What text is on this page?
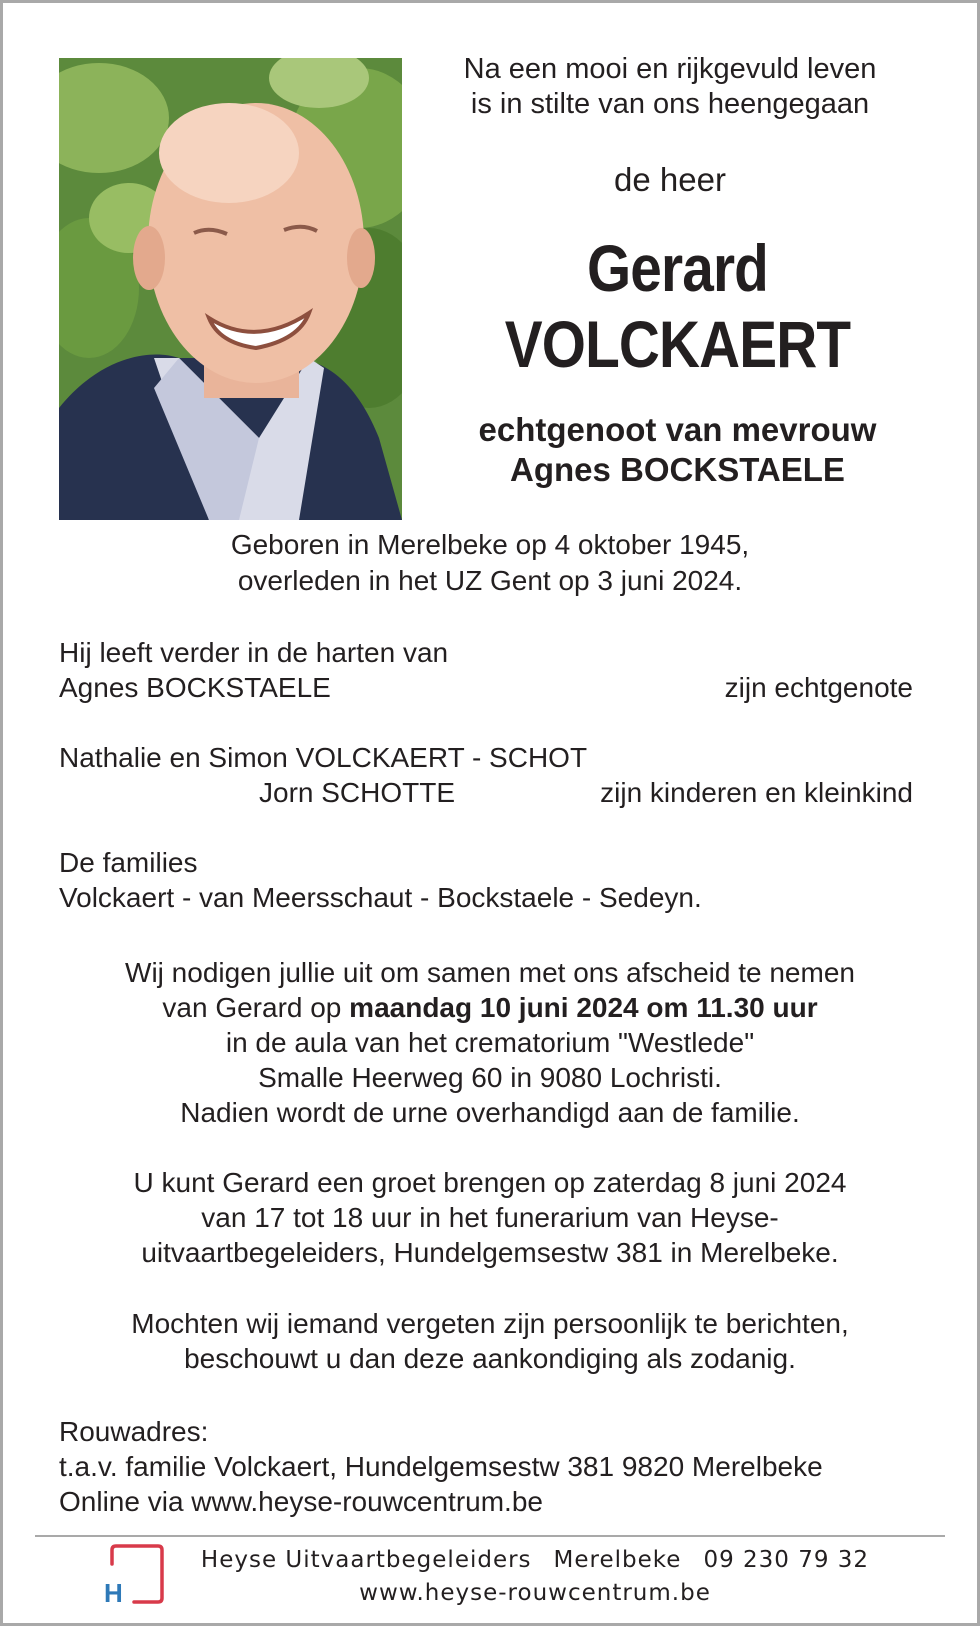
Na een mooi en rijkgevuld leven
is in stilte van ons heengegaan
de heer
Gerard
VOLCKAERT
echtgenoot van mevrouw
Agnes BOCKSTAELE
Geboren in Merelbeke op 4 oktober 1945,
overleden in het UZ Gent op 3 juni 2024.
Hij leeft verder in de harten van
Agnes BOCKSTAELE	zijn echtgenote
Nathalie en Simon VOLCKAERT - SCHOT
Jorn SCHOTTE	zijn kinderen en kleinkind
De families
Volckaert - van Meersschaut - Bockstaele - Sedeyn.
Wij nodigen jullie uit om samen met ons afscheid te nemen
van Gerard op maandag 10 juni 2024 om 11.30 uur
in de aula van het crematorium "Westlede"
Smalle Heerweg 60 in 9080 Lochristi.
Nadien wordt de urne overhandigd aan de familie.
U kunt Gerard een groet brengen op zaterdag 8 juni 2024
van 17 tot 18 uur in het funerarium van Heyse-
uitvaartbegeleiders, Hundelgemsestw 381 in Merelbeke.
Mochten wij iemand vergeten zijn persoonlijk te berichten,
beschouwt u dan deze aankondiging als zodanig.
Rouwadres:
t.a.v. familie Volckaert, Hundelgemsestw 381 9820 Merelbeke
Online via www.heyse-rouwcentrum.be
H
Heyse Uitvaartbegeleiders Merelbeke 09 230 79 32
www.heyse-rouwcentrum.be
